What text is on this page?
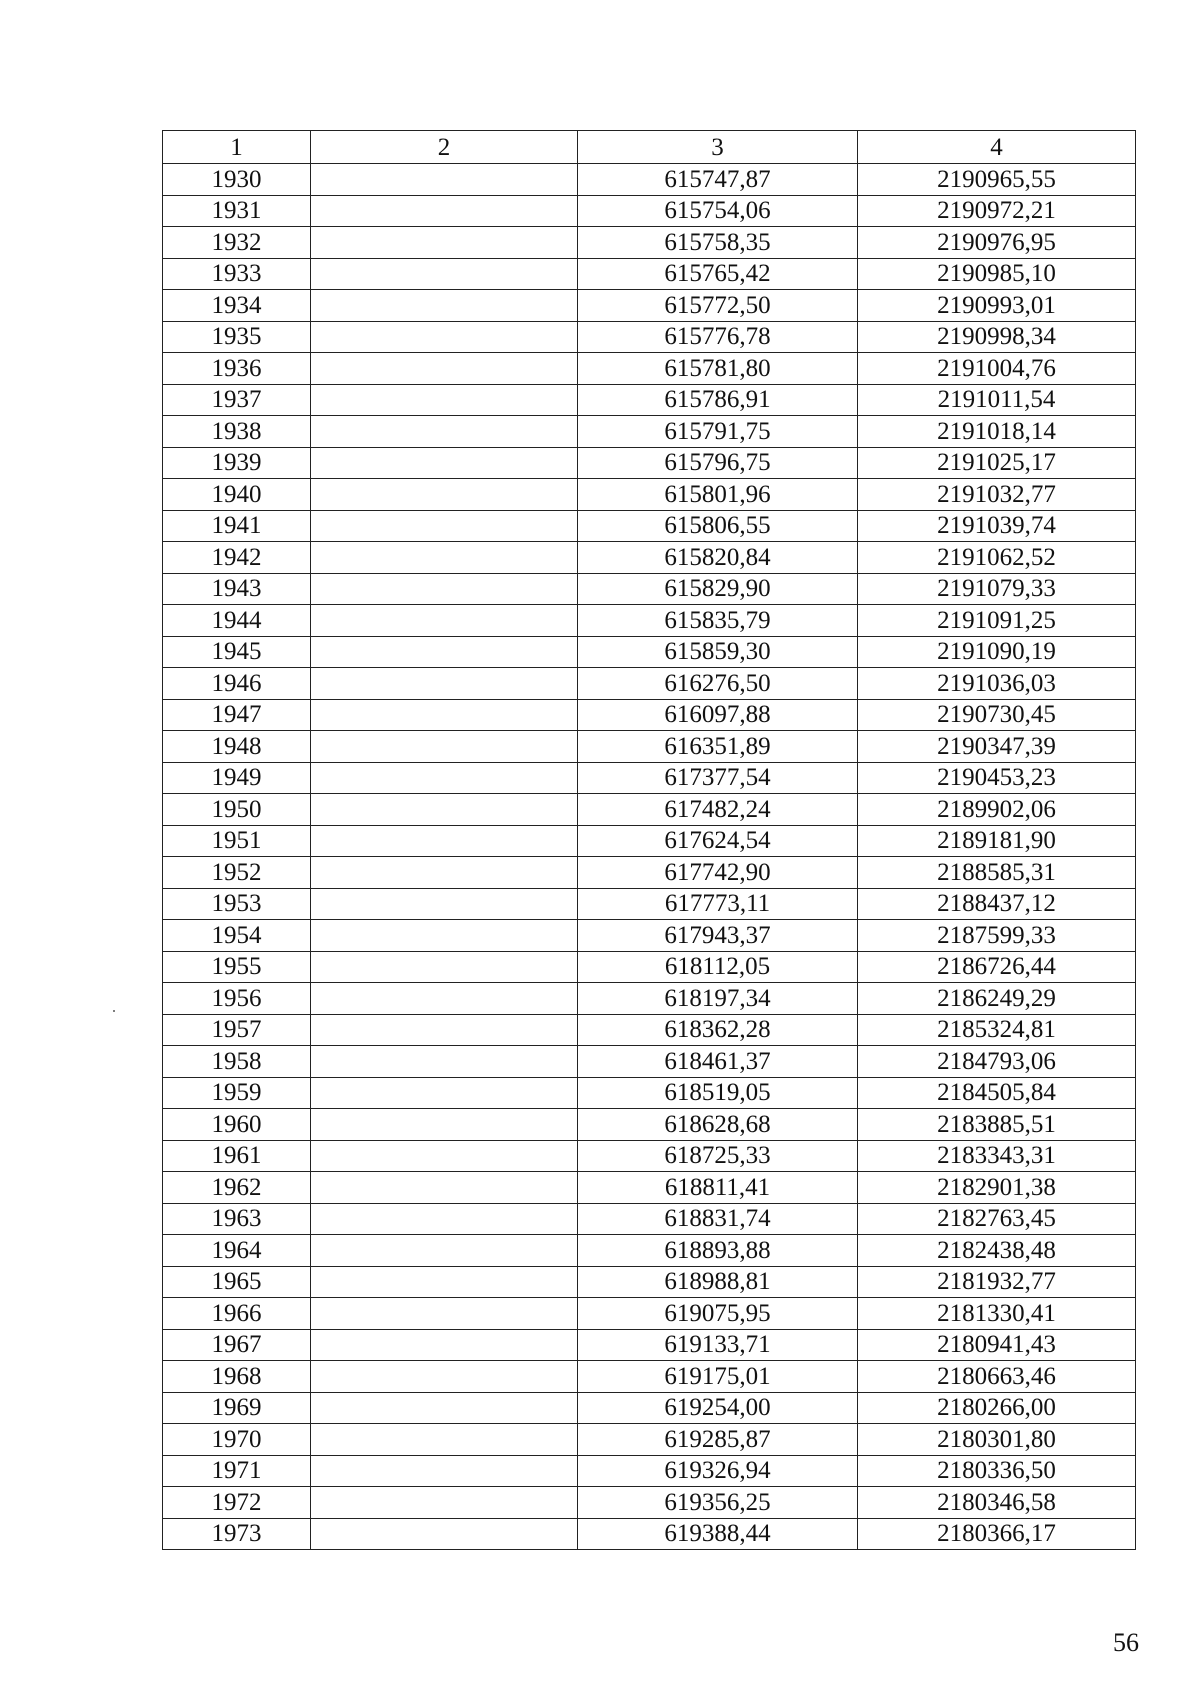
1	2	3	4
1930		615747,87	2190965,55
1931		615754,06	2190972,21
1932		615758,35	2190976,95
1933		615765,42	2190985,10
1934		615772,50	2190993,01
1935		615776,78	2190998,34
1936		615781,80	2191004,76
1937		615786,91	2191011,54
1938		615791,75	2191018,14
1939		615796,75	2191025,17
1940		615801,96	2191032,77
1941		615806,55	2191039,74
1942		615820,84	2191062,52
1943		615829,90	2191079,33
1944		615835,79	2191091,25
1945		615859,30	2191090,19
1946		616276,50	2191036,03
1947		616097,88	2190730,45
1948		616351,89	2190347,39
1949		617377,54	2190453,23
1950		617482,24	2189902,06
1951		617624,54	2189181,90
1952		617742,90	2188585,31
1953		617773,11	2188437,12
1954		617943,37	2187599,33
1955		618112,05	2186726,44
1956		618197,34	2186249,29
1957		618362,28	2185324,81
1958		618461,37	2184793,06
1959		618519,05	2184505,84
1960		618628,68	2183885,51
1961		618725,33	2183343,31
1962		618811,41	2182901,38
1963		618831,74	2182763,45
1964		618893,88	2182438,48
1965		618988,81	2181932,77
1966		619075,95	2181330,41
1967		619133,71	2180941,43
1968		619175,01	2180663,46
1969		619254,00	2180266,00
1970		619285,87	2180301,80
1971		619326,94	2180336,50
1972		619356,25	2180346,58
1973		619388,44	2180366,17
56
